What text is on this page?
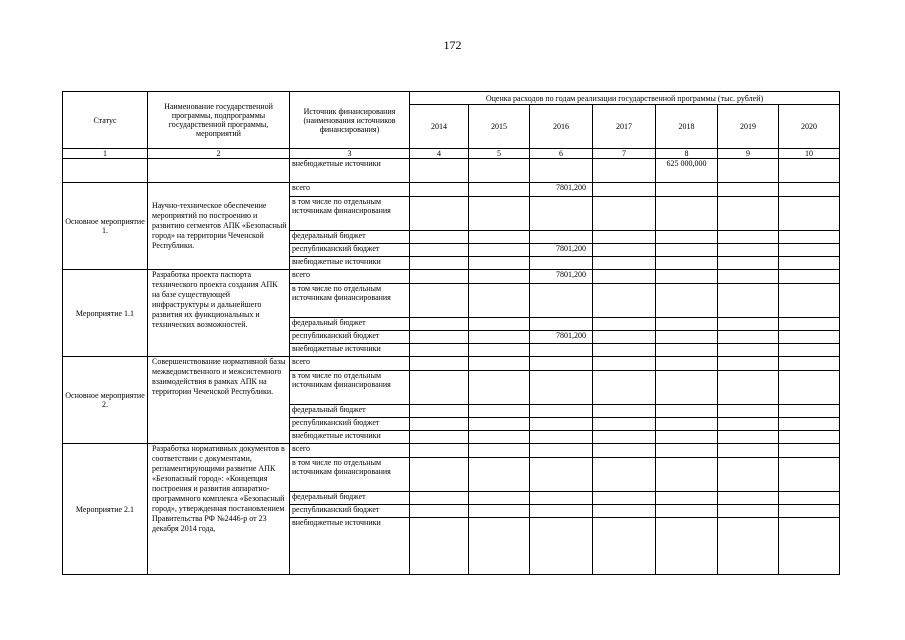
172
Статус	Наименование государственной программы, подпрограммы государственной программы, мероприятий	Источник финансирования (наименования источников финансирования)	Оценка расходов по годам реализации государственной программы (тыс. рублей)						
			2014	2015	2016	2017	2018	2019	2020
1	2	3	4	5	6	7	8	9	10
		внебюджетные источники					625 000,000		
Основное мероприятие 1.	Научно-техническое обеспечение мероприятий по построению и развитию сегментов АПК «Безопасный город» на территории Чеченской Республики.	всего			7801,200				
		в том числе по отдельным источникам финансирования							
		федеральный бюджет							
		республиканский бюджет			7801,200				
		внебюджетные источники							
Мероприятие 1.1	Разработка проекта паспорта технического проекта создания АПК на базе существующей инфраструктуры и дальнейшего развития их функциональных и технических возможностей.	всего			7801,200				
		в том числе по отдельным источникам финансирования							
		федеральный бюджет							
		республиканский бюджет			7801,200				
		внебюджетные источники							
Основное мероприятие 2.	Совершенствование нормативной базы межведомственного и межсистемного взаимодействия в рамках АПК на территории Чеченской Республики.	всего							
		в том числе по отдельным источникам финансирования							
		федеральный бюджет							
		республиканский бюджет							
		внебюджетные источники							
Мероприятие 2.1	Разработка нормативных документов в соответствии с документами, регламентирующими развитие АПК «Безопасный город»: «Концепция построения и развития аппаратно-программного комплекса «Безопасный город», утвержденная постановлением Правительства РФ №2446-р от 23 декабря 2014 года,	всего							
		в том числе по отдельным источникам финансирования							
		федеральный бюджет							
		республиканский бюджет							
		внебюджетные источники							
